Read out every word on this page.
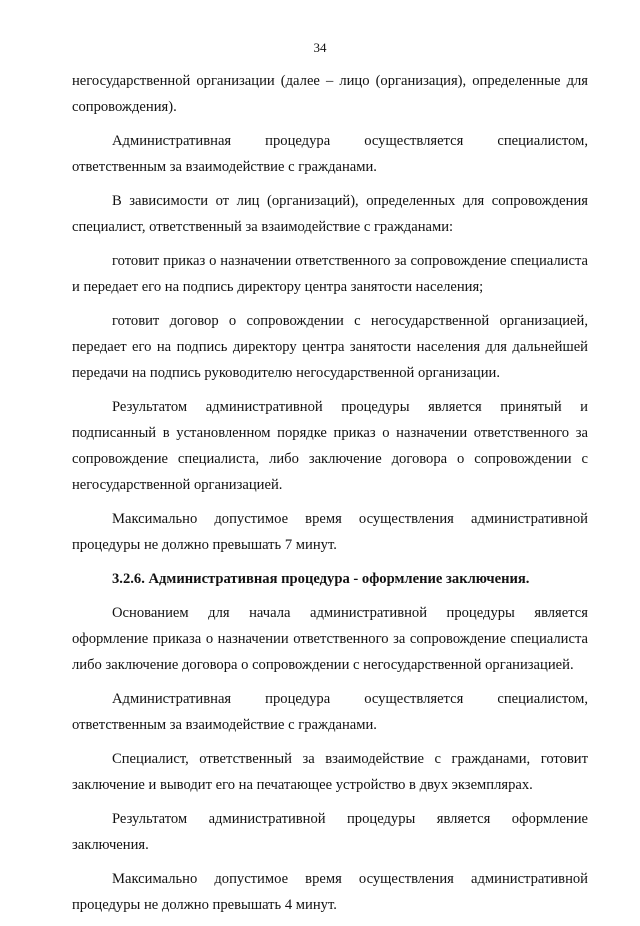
34

негосударственной организации (далее – лицо (организация), определенные для сопровождения).

Административная процедура осуществляется специалистом, ответственным за взаимодействие с гражданами.

В зависимости от лиц (организаций), определенных для сопровождения специалист, ответственный за взаимодействие с гражданами:

готовит приказ о назначении ответственного за сопровождение специалиста и передает его на подпись директору центра занятости населения;

готовит договор о сопровождении с негосударственной организацией, передает его на подпись директору центра занятости населения для дальнейшей передачи на подпись руководителю негосударственной организации.

Результатом административной процедуры является принятый и подписанный в установленном порядке приказ о назначении ответственного за сопровождение специалиста, либо заключение договора о сопровождении с негосударственной организацией.

Максимально допустимое время осуществления административной процедуры не должно превышать 7 минут.

3.2.6. Административная процедура - оформление заключения.

Основанием для начала административной процедуры является оформление приказа о назначении ответственного за сопровождение специалиста либо заключение договора о сопровождении с негосударственной организацией.

Административная процедура осуществляется специалистом, ответственным за взаимодействие с гражданами.

Специалист, ответственный за взаимодействие с гражданами, готовит заключение и выводит его на печатающее устройство в двух экземплярах.

Результатом административной процедуры является оформление заключения.

Максимально допустимое время осуществления административной процедуры не должно превышать 4 минут.
